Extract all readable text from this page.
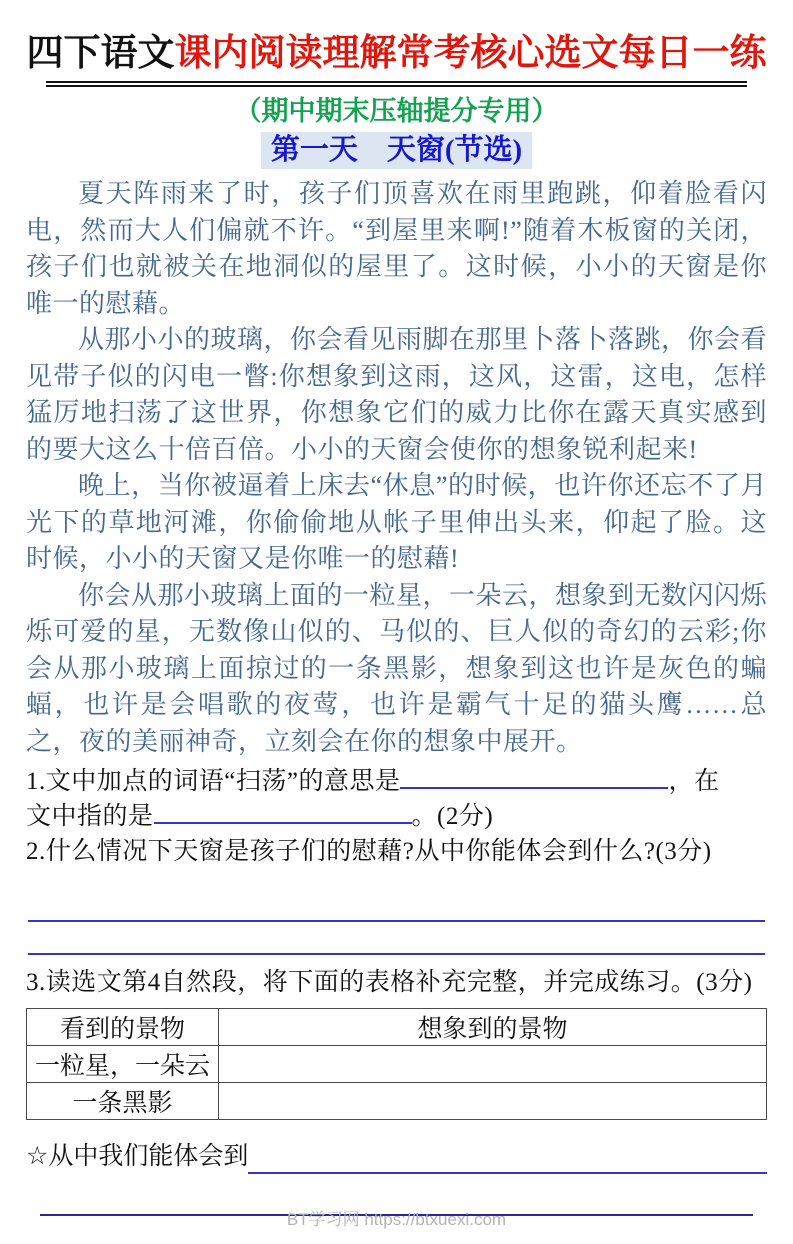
四下语文课内阅读理解常考核心选文每日一练
（期中期末压轴提分专用）
第一天　天窗(节选)

夏天阵雨来了时，孩子们顶喜欢在雨里跑跳，仰着脸看闪电，然而大人们偏就不许。“到屋里来啊!”随着木板窗的关闭，孩子们也就被关在地洞似的屋里了。这时候，小小的天窗是你唯一的慰藉。

从那小小的玻璃，你会看见雨脚在那里卜落卜落跳，你会看见带子似的闪电一瞥:你想象到这雨，这风，这雷，这电，怎样猛厉地扫荡 •了这世界，你想象它们的威力比你在露天真实感到的要大这么十倍百倍。小小的天窗会使你的想象锐利起来!

晚上，当你被逼着上床去“休息”的时候，也许你还忘不了月光下的草地河滩，你偷偷地从帐子里伸出头来，仰起了脸。这时候，小小的天窗又是你唯一的慰藉!

你会从那小玻璃上面的一粒星，一朵云，想象到无数闪闪烁烁可爱的星，无数像山似的、马似的、巨人似的奇幻的云彩;你会从那小玻璃上面掠过的一条黑影，想象到这也许是灰色的蝙蝠，也许是会唱歌的夜莺，也许是霸气十足的猫头鹰……总之，夜的美丽神奇，立刻会在你的想象中展开。

1.文中加点的词语“扫荡”的意思是	，在
文中指的是	。(2分)
2.什么情况下天窗是孩子们的慰藉?从中你能体会到什么?(3分)
3.读选文第4自然段，将下面的表格补充完整，并完成练习。(3分)
看到的景物	想象到的景物
一粒星，一朵云	
一条黑影	
☆ 从中我们能体会到
BT学习网 https://btxuexi.com
